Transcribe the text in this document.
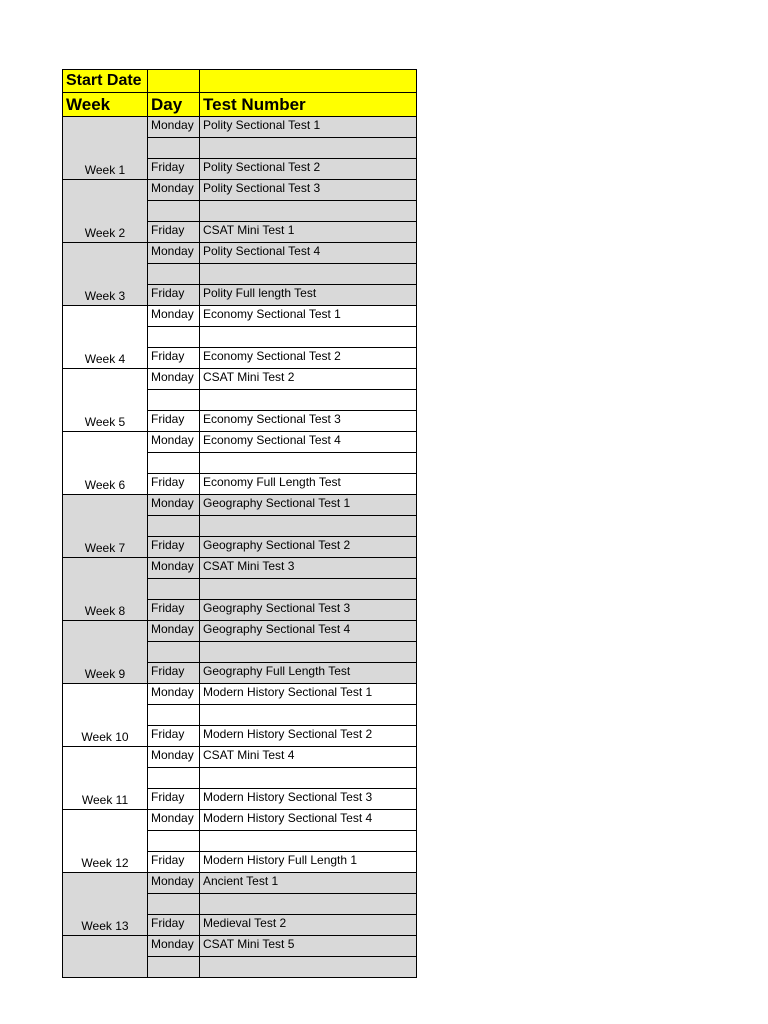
Start Date		
Week	Day	Test Number
Week 1	Monday	Polity Sectional Test 1

	Friday	Polity Sectional Test 2
Week 2	Monday	Polity Sectional Test 3

	Friday	CSAT Mini Test 1
Week 3	Monday	Polity Sectional Test 4

	Friday	Polity Full length Test
Week 4	Monday	Economy Sectional Test 1

	Friday	Economy Sectional Test 2
Week 5	Monday	CSAT Mini Test 2

	Friday	Economy Sectional Test 3
Week 6	Monday	Economy Sectional Test 4

	Friday	Economy Full Length Test
Week 7	Monday	Geography Sectional Test 1

	Friday	Geography Sectional Test 2
Week 8	Monday	CSAT Mini Test 3

	Friday	Geography Sectional Test 3
Week 9	Monday	Geography Sectional Test 4

	Friday	Geography Full Length Test
Week 10	Monday	Modern History Sectional Test 1

	Friday	Modern History Sectional Test 2
Week 11	Monday	CSAT Mini Test 4

	Friday	Modern History Sectional Test 3
Week 12	Monday	Modern History Sectional Test 4

	Friday	Modern History Full Length 1
Week 13	Monday	Ancient Test 1

	Friday	Medieval Test 2
	Monday	CSAT Mini Test 5
